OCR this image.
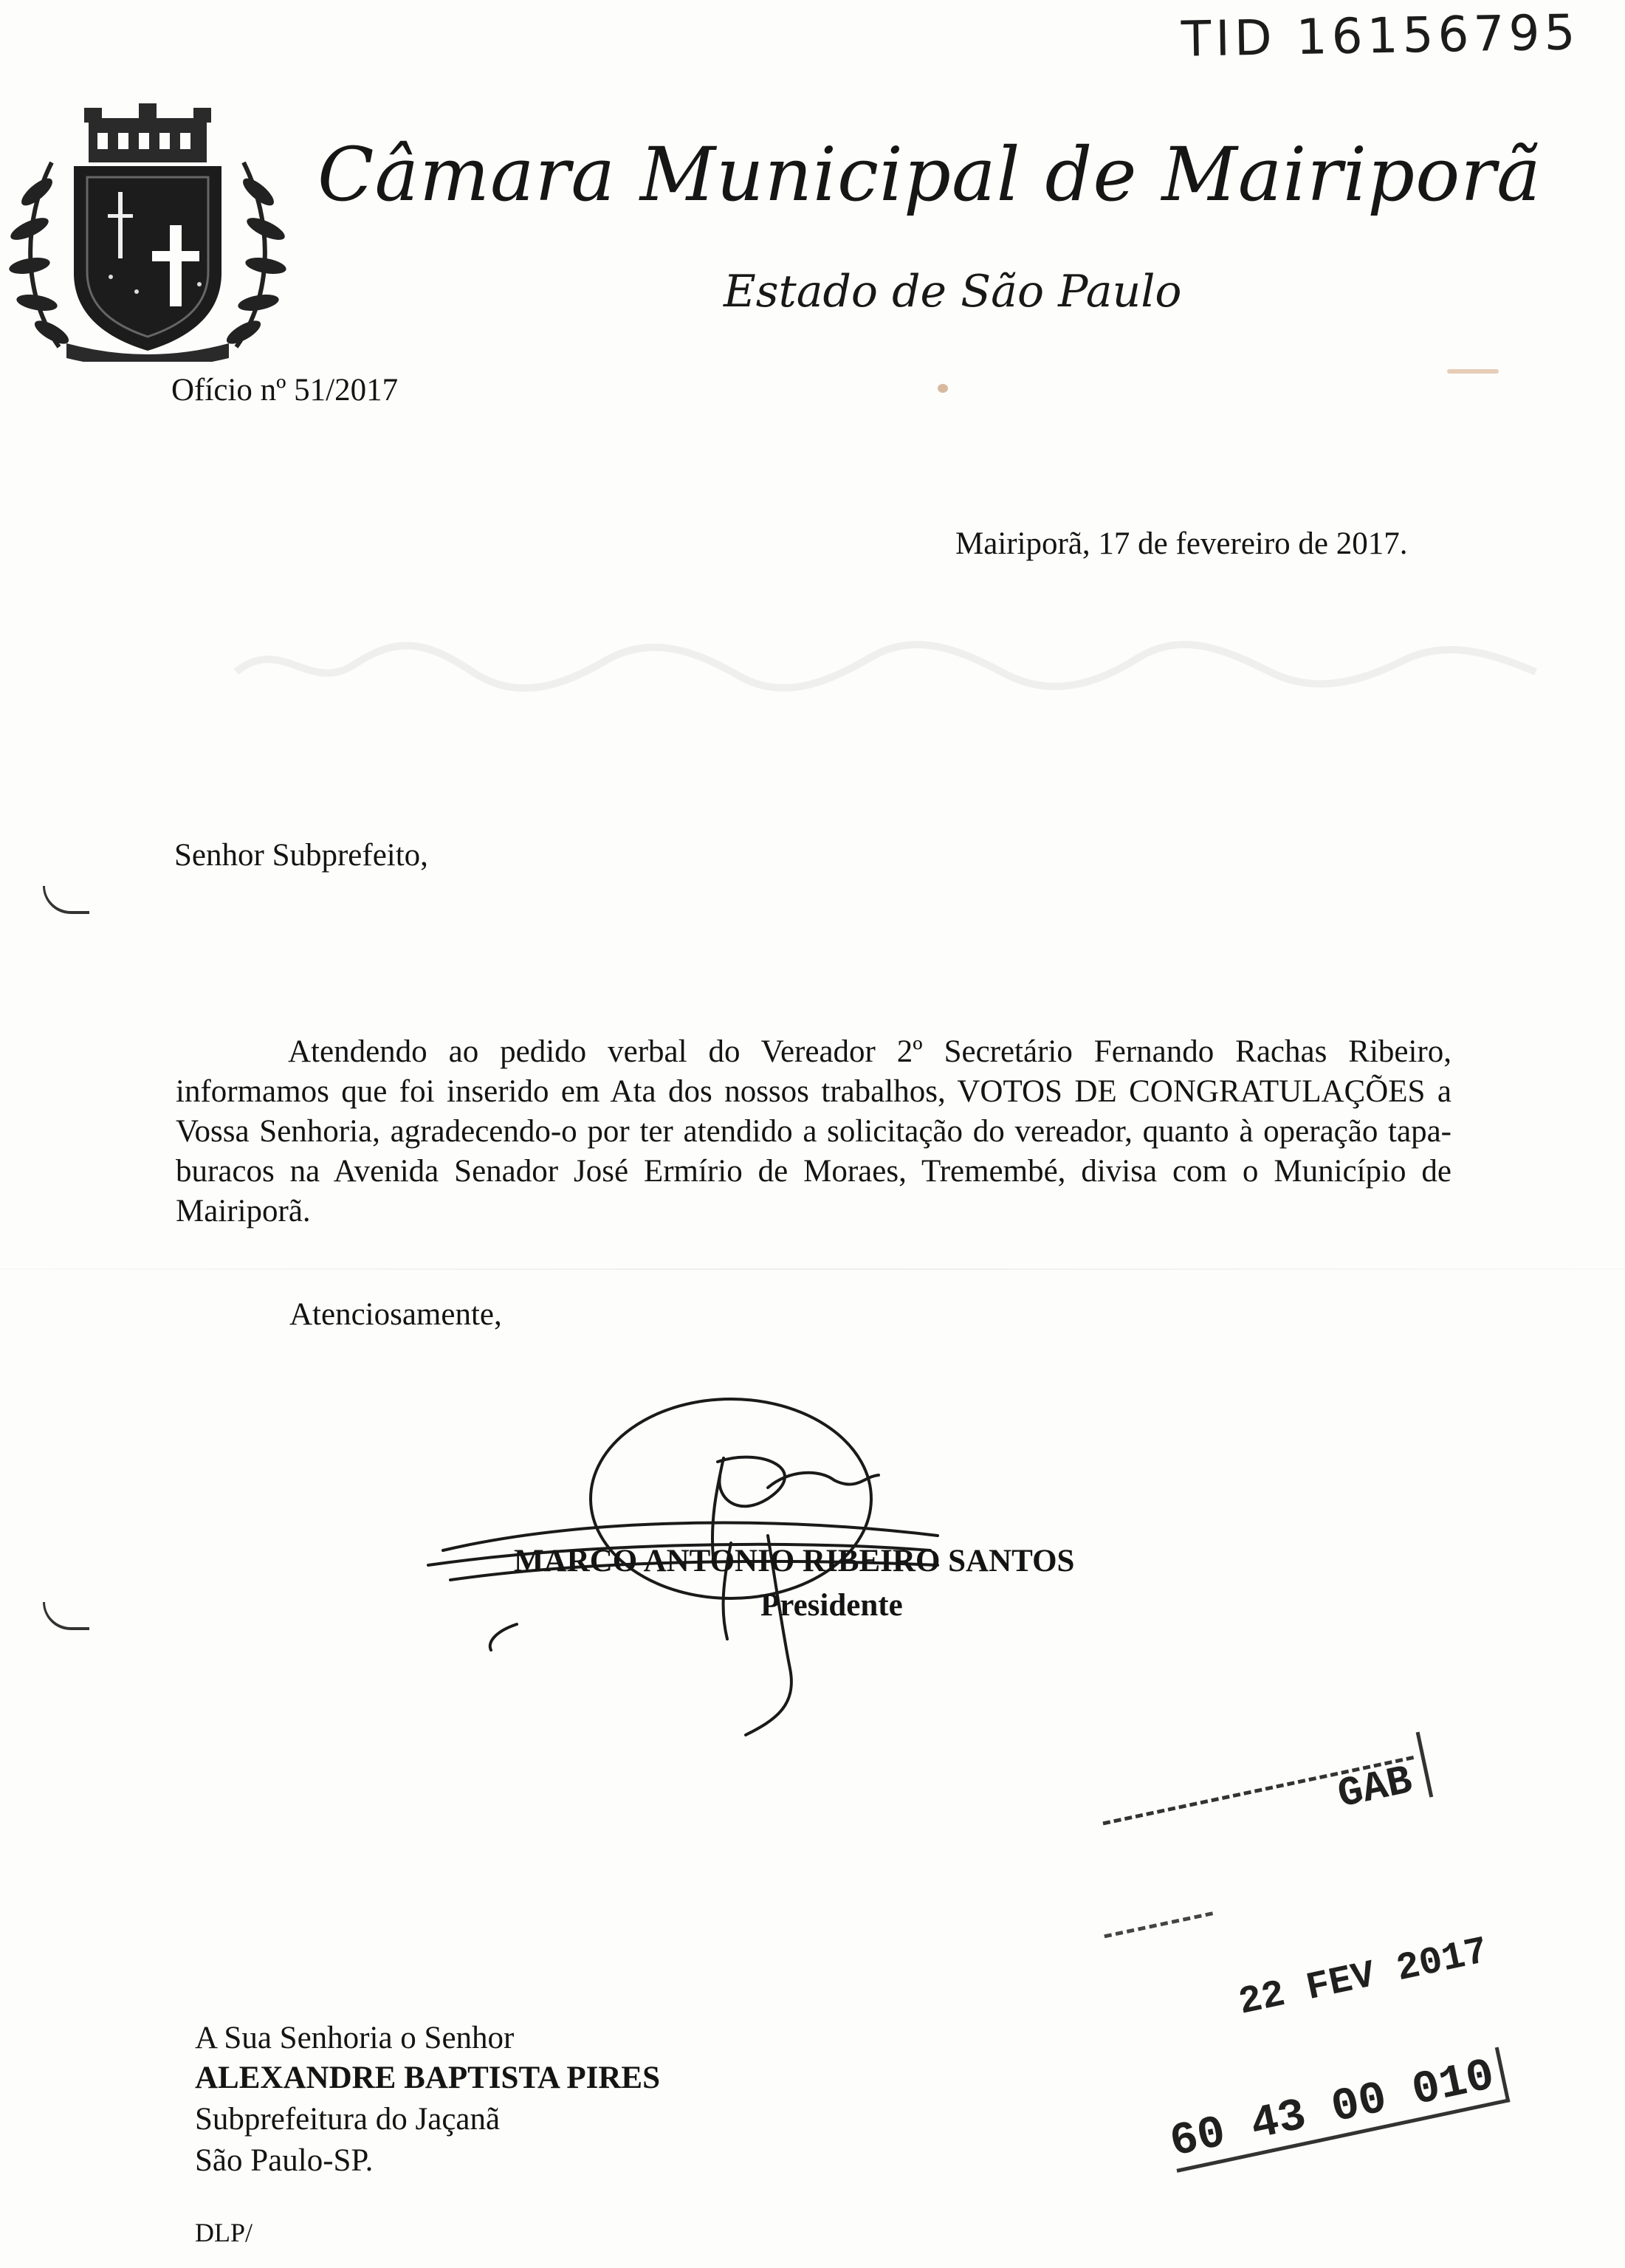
TID 16156795
Câmara Municipal de Mairiporã
Estado de São Paulo
Ofício nº 51/2017
Mairiporã, 17 de fevereiro de 2017.
Senhor Subprefeito,

Atendendo ao pedido verbal do Vereador 2º Secretário Fernando Rachas Ribeiro, informamos que foi inserido em Ata dos nossos trabalhos, VOTOS DE CONGRATULAÇÕES a Vossa Senhoria, agradecendo-o por ter atendido a solicitação do vereador, quanto à operação tapa-buracos na Avenida Senador José Ermírio de Moraes, Tremembé, divisa com o Município de Mairiporã.

Atenciosamente,
MARCO ANTONIO RIBEIRO SANTOS
Presidente
GAB
22 FEV 2017
60 43 00 010
A Sua Senhoria o Senhor
ALEXANDRE BAPTISTA PIRES
Subprefeitura do Jaçanã
São Paulo-SP.
DLP/
